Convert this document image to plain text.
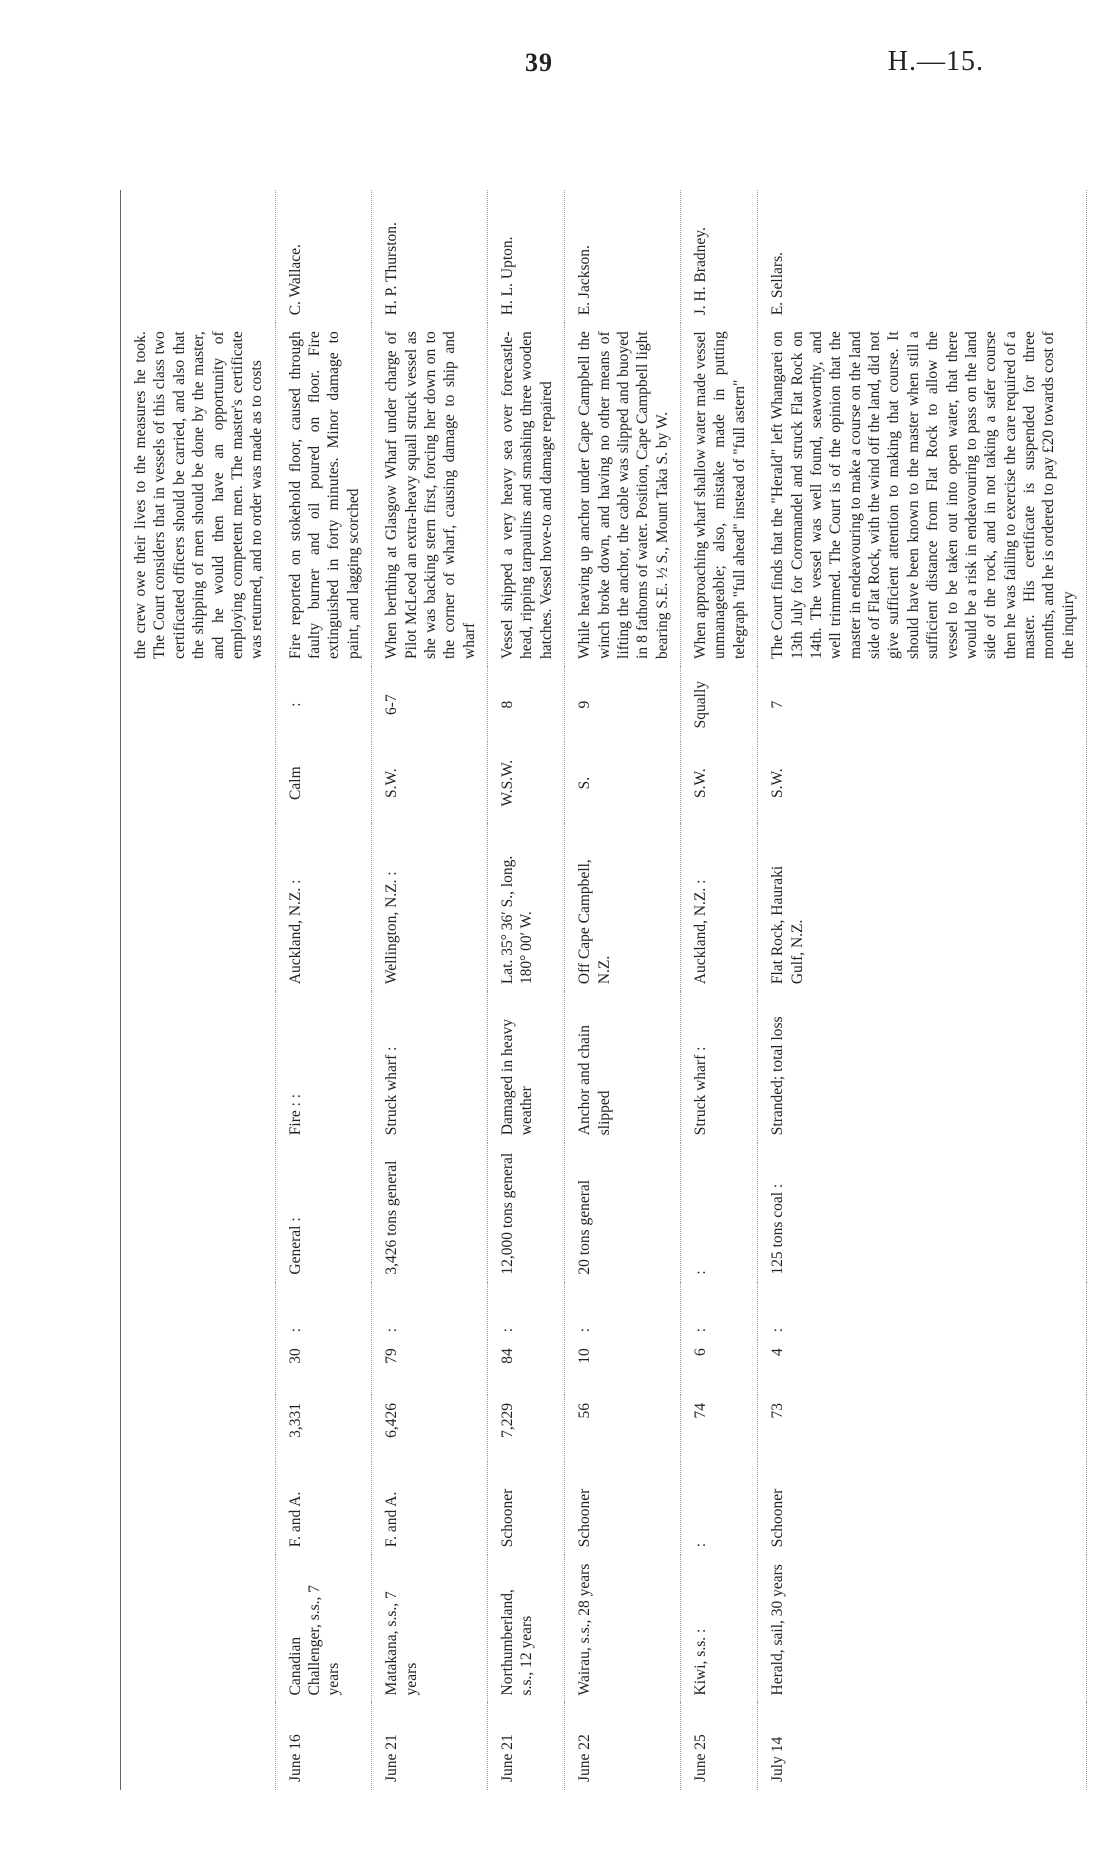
39	H.—15.
											the crew owe their lives to the measures he took. The Court considers that in vessels of this class two certificated officers should be carried, and also that the shipping of men should be done by the master, and he would then have an opportunity of employing competent men. The master's certificate was returned, and no order was made as to costs	
June 16	Canadian Challenger, s.s., 7 years	F. and A.	3,331	30	:	General :	Fire : :	Auckland, N.Z. :	Calm	:	Fire reported on stokehold floor, caused through faulty burner and oil poured on floor. Fire extinguished in forty minutes. Minor damage to paint, and lagging scorched	C. Wallace.
June 21	Matakana, s.s., 7 years	F. and A.	6,426	79	:	3,426 tons general	Struck wharf :	Wellington, N.Z. :	S.W.	6-7	When berthing at Glasgow Wharf under charge of Pilot McLeod an extra-heavy squall struck vessel as she was backing stern first, forcing her down on to the corner of wharf, causing damage to ship and wharf	H. P. Thurston.
June 21	Northumberland, s.s., 12 years	Schooner	7,229	84	:	12,000 tons general	Damaged in heavy weather	Lat. 35° 36′ S., long. 180° 00′ W.	W.S.W.	8	Vessel shipped a very heavy sea over forecastle-head, ripping tarpaulins and smashing three wooden hatches. Vessel hove-to and damage repaired	H. L. Upton.
June 22	Wairau, s.s., 28 years	Schooner	56	10	:	20 tons general	Anchor and chain slipped	Off Cape Campbell, N.Z.	S.	9	While heaving up anchor under Cape Campbell the winch broke down, and having no other means of lifting the anchor, the cable was slipped and buoyed in 8 fathoms of water. Position, Cape Campbell light bearing S.E. ½ S., Mount Taka S. by W.	E. Jackson.
June 25	Kiwi, s.s. :	:	74	6	:	:	Struck wharf :	Auckland, N.Z. :	S.W.	Squally	When approaching wharf shallow water made vessel unmanageable; also, mistake made in putting telegraph "full ahead" instead of "full astern"	J. H. Bradney.
July 14	Herald, sail, 30 years	Schooner	73	4	:	125 tons coal :	Stranded; total loss	Flat Rock, Hauraki Gulf, N.Z.	S.W.	7	The Court finds that the "Herald" left Whangarei on 13th July for Coromandel and struck Flat Rock on 14th. The vessel was well found, seaworthy, and well trimmed. The Court is of the opinion that the master in endeavouring to make a course on the land side of Flat Rock, with the wind off the land, did not give sufficient attention to making that course. It should have been known to the master when still a sufficient distance from Flat Rock to allow the vessel to be taken out into open water, that there would be a risk in endeavouring to pass on the land side of the rock, and in not taking a safer course then he was failing to exercise the care required of a master. His certificate is suspended for three months, and he is ordered to pay £20 towards cost of the inquiry	E. Sellars.
